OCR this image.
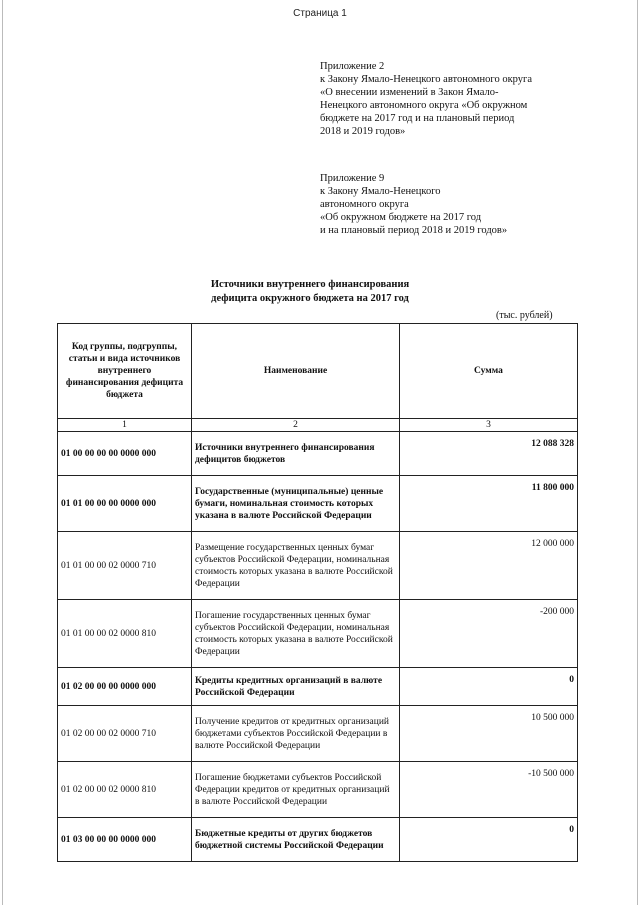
Страница 1
Приложение 2
к Закону Ямало-Ненецкого автономного округа
«О внесении изменений в Закон Ямало-
Ненецкого автономного округа «Об окружном
бюджете на 2017 год и на плановый период
2018 и 2019 годов»
Приложение 9
к Закону Ямало-Ненецкого
автономного округа
«Об окружном бюджете на 2017 год
и на плановый период 2018 и 2019 годов»
Источники внутреннего финансирования
дефицита окружного бюджета на 2017 год
(тыс. рублей)
Код группы, подгруппы, статьи и вида источников внутреннего финансирования дефицита бюджета	Наименование	Сумма
1	2	3
01 00 00 00 00 0000 000	Источники внутреннего финансирования дефицитов бюджетов	12 088 328
01 01 00 00 00 0000 000	Государственные (муниципальные) ценные бумаги, номинальная стоимость которых указана в валюте Российской Федерации	11 800 000
01 01 00 00 02 0000 710	Размещение государственных ценных бумаг субъектов Российской Федерации, номинальная стоимость которых указана в валюте Российской Федерации	12 000 000
01 01 00 00 02 0000 810	Погашение государственных ценных бумаг субъектов Российской Федерации, номинальная стоимость которых указана в валюте Российской Федерации	-200 000
01 02 00 00 00 0000 000	Кредиты кредитных организаций в валюте Российской Федерации	0
01 02 00 00 02 0000 710	Получение кредитов от кредитных организаций бюджетами субъектов Российской Федерации в валюте Российской Федерации	10 500 000
01 02 00 00 02 0000 810	Погашение бюджетами субъектов Российской Федерации кредитов от кредитных организаций в валюте Российской Федерации	-10 500 000
01 03 00 00 00 0000 000	Бюджетные кредиты от других бюджетов бюджетной системы Российской Федерации	0
